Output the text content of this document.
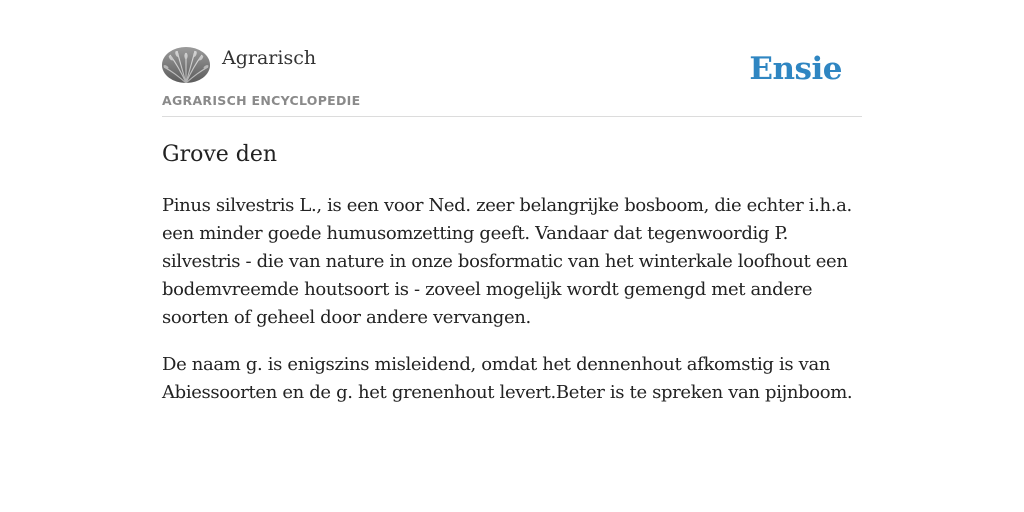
Agrarisch
AGRARISCH ENCYCLOPEDIE
Ensie
Grove den

Pinus silvestris L., is een voor Ned. zeer belangrijke bosboom, die echter i.h.a. een minder goede humusomzetting geeft. Vandaar dat tegenwoordig P. silvestris - die van nature in onze bosformatic van het winterkale loofhout een bodemvreemde houtsoort is - zoveel mogelijk wordt gemengd met andere soorten of geheel door andere vervangen.

De naam g. is enigszins misleidend, omdat het dennenhout afkomstig is van Abiessoorten en de g. het grenenhout levert.Beter is te spreken van pijnboom.
